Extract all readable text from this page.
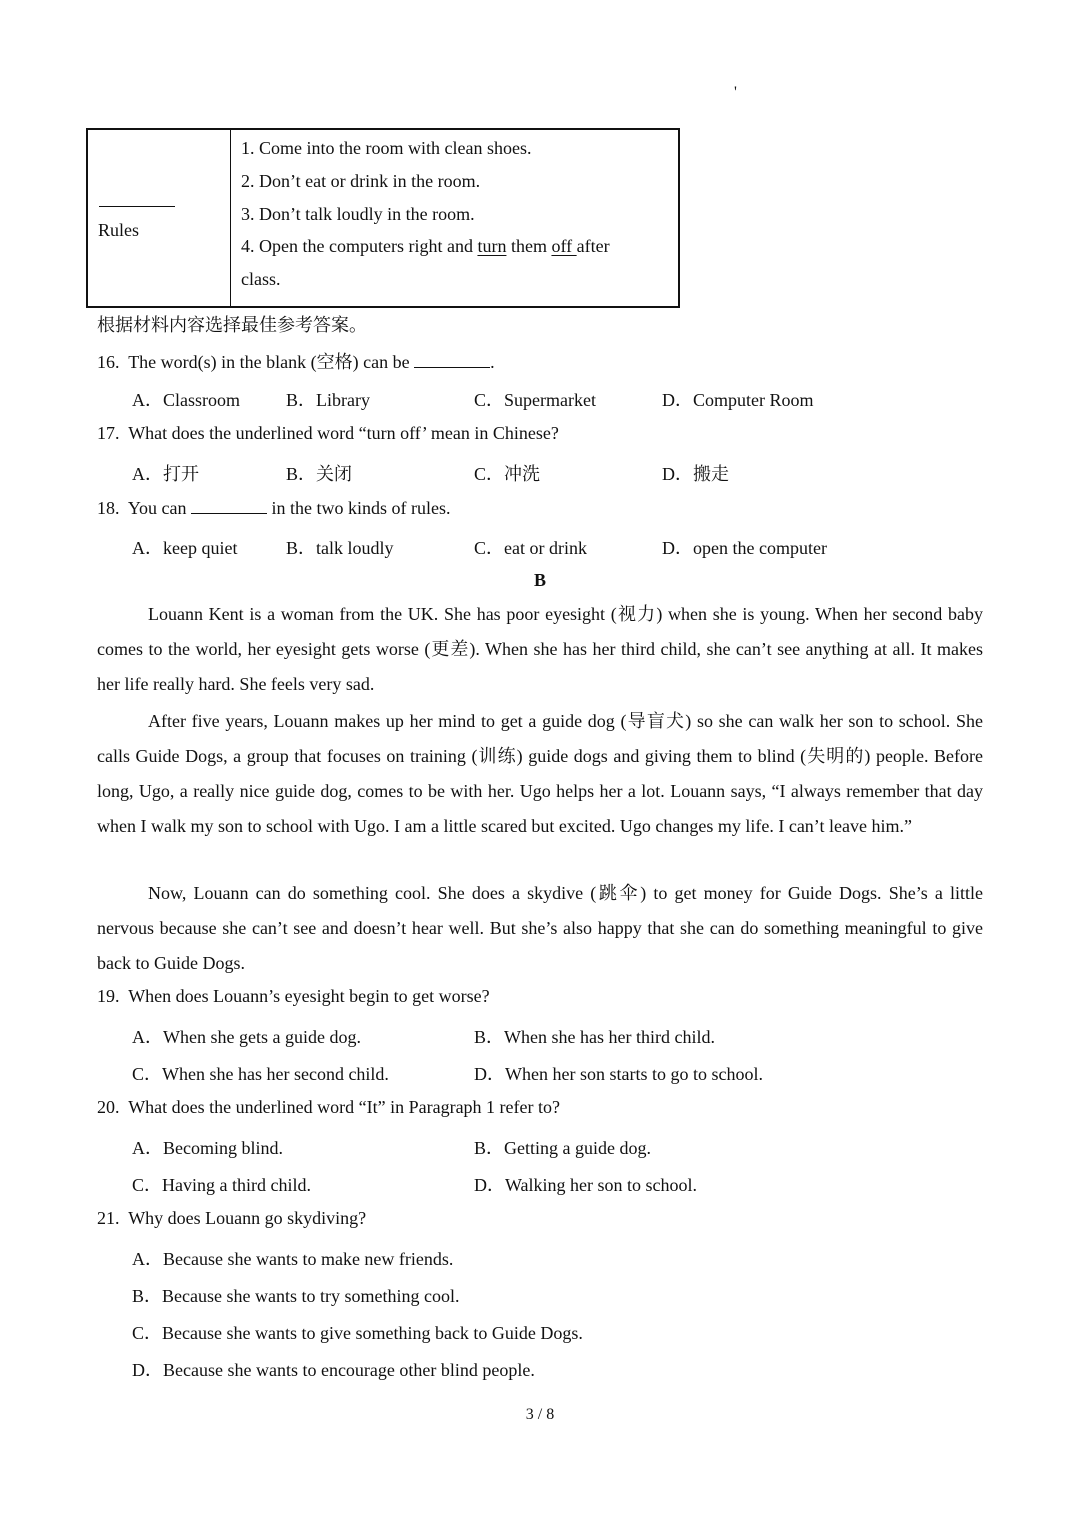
'
Rules
1. Come into the room with clean shoes.
2. Don’t eat or drink in the room.
3. Don’t talk loudly in the room.
4. Open the computers right and turn them off after
class.
根据材料内容选择最佳参考答案。
16. The word(s) in the blank (空格) can be	.
A．Classroom	B．Library	C．Supermarket	D．Computer Room
17. What does the underlined word “turn off’ mean in Chinese?
A．打开	B．关闭	C．冲洗	D．搬走
18. You can	in the two kinds of rules.
A．keep quiet	B．talk loudly	C．eat or drink	D．open the computer
B
Louann Kent is a woman from the UK. She has poor eyesight (视力) when she is young. When her second baby comes to the world, her eyesight gets worse (更差). When she has her third child, she can’t see anything at all. It makes her life really hard. She feels very sad.
After five years, Louann makes up her mind to get a guide dog (导盲犬) so she can walk her son to school. She calls Guide Dogs, a group that focuses on training (训练) guide dogs and giving them to blind (失明的) people. Before long, Ugo, a really nice guide dog, comes to be with her. Ugo helps her a lot. Louann says, “I always remember that day when I walk my son to school with Ugo. I am a little scared but excited. Ugo changes my life. I can’t leave him.”
Now, Louann can do something cool. She does a skydive (跳伞) to get money for Guide Dogs. She’s a little nervous because she can’t see and doesn’t hear well. But she’s also happy that she can do something meaningful to give back to Guide Dogs.
19. When does Louann’s eyesight begin to get worse?
A．When she gets a guide dog.	B．When she has her third child.
C．When she has her second child.	D．When her son starts to go to school.
20. What does the underlined word “It” in Paragraph 1 refer to?
A．Becoming blind.	B．Getting a guide dog.
C．Having a third child.	D．Walking her son to school.
21. Why does Louann go skydiving?
A．Because she wants to make new friends.
B．Because she wants to try something cool.
C．Because she wants to give something back to Guide Dogs.
D．Because she wants to encourage other blind people.
3 / 8
